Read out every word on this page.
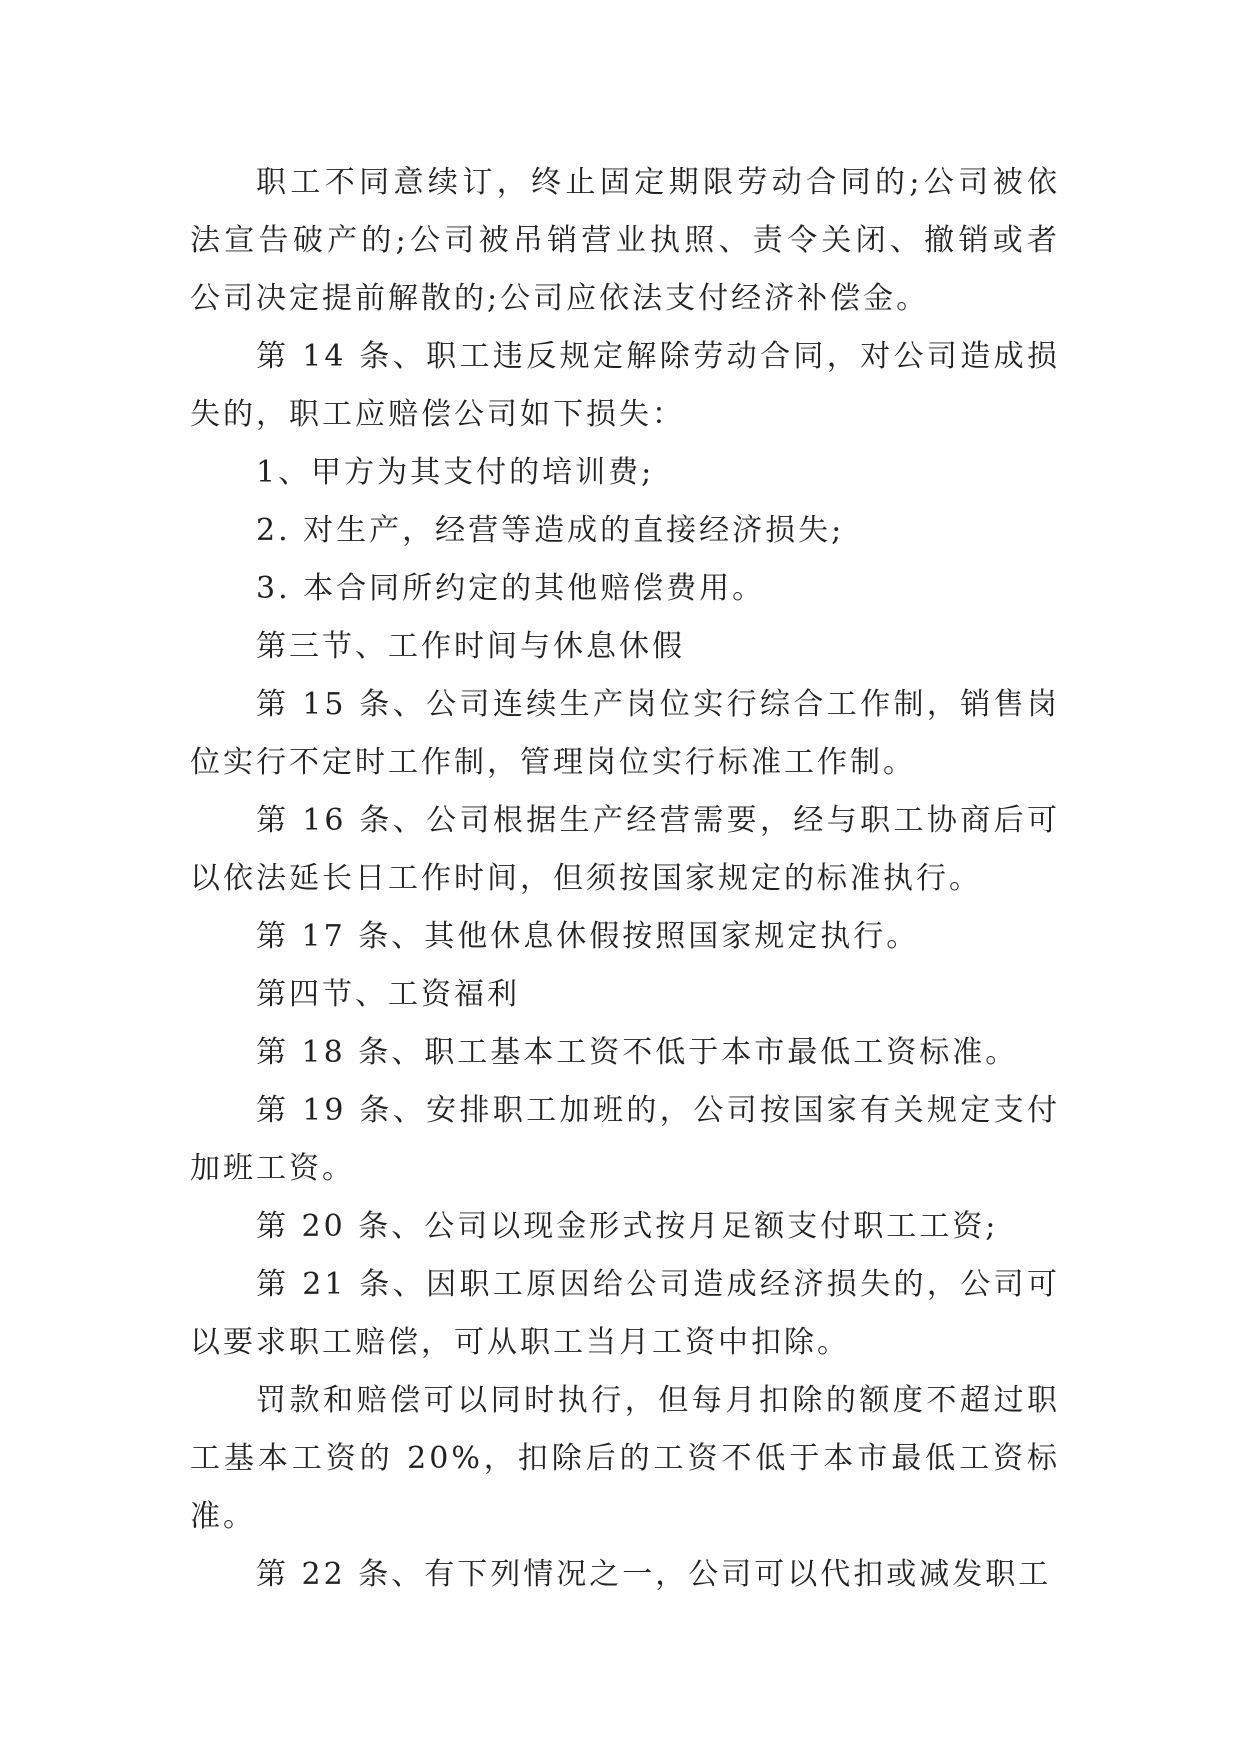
职工不同意续订，终止固定期限劳动合同的;公司被依法宣告破产的;公司被吊销营业执照、责令关闭、撤销或者公司决定提前解散的;公司应依法支付经济补偿金。

第 14 条、职工违反规定解除劳动合同，对公司造成损失的，职工应赔偿公司如下损失：

1、甲方为其支付的培训费;

2. 对生产，经营等造成的直接经济损失;

3. 本合同所约定的其他赔偿费用。

第三节、工作时间与休息休假

第 15 条、公司连续生产岗位实行综合工作制，销售岗位实行不定时工作制，管理岗位实行标准工作制。

第 16 条、公司根据生产经营需要，经与职工协商后可以依法延长日工作时间，但须按国家规定的标准执行。

第 17 条、其他休息休假按照国家规定执行。

第四节、工资福利

第 18 条、职工基本工资不低于本市最低工资标准。

第 19 条、安排职工加班的，公司按国家有关规定支付加班工资。

第 20 条、公司以现金形式按月足额支付职工工资;

第 21 条、因职工原因给公司造成经济损失的，公司可以要求职工赔偿，可从职工当月工资中扣除。

罚款和赔偿可以同时执行，但每月扣除的额度不超过职工基本工资的 20%，扣除后的工资不低于本市最低工资标准。

第 22 条、有下列情况之一，公司可以代扣或减发职工
